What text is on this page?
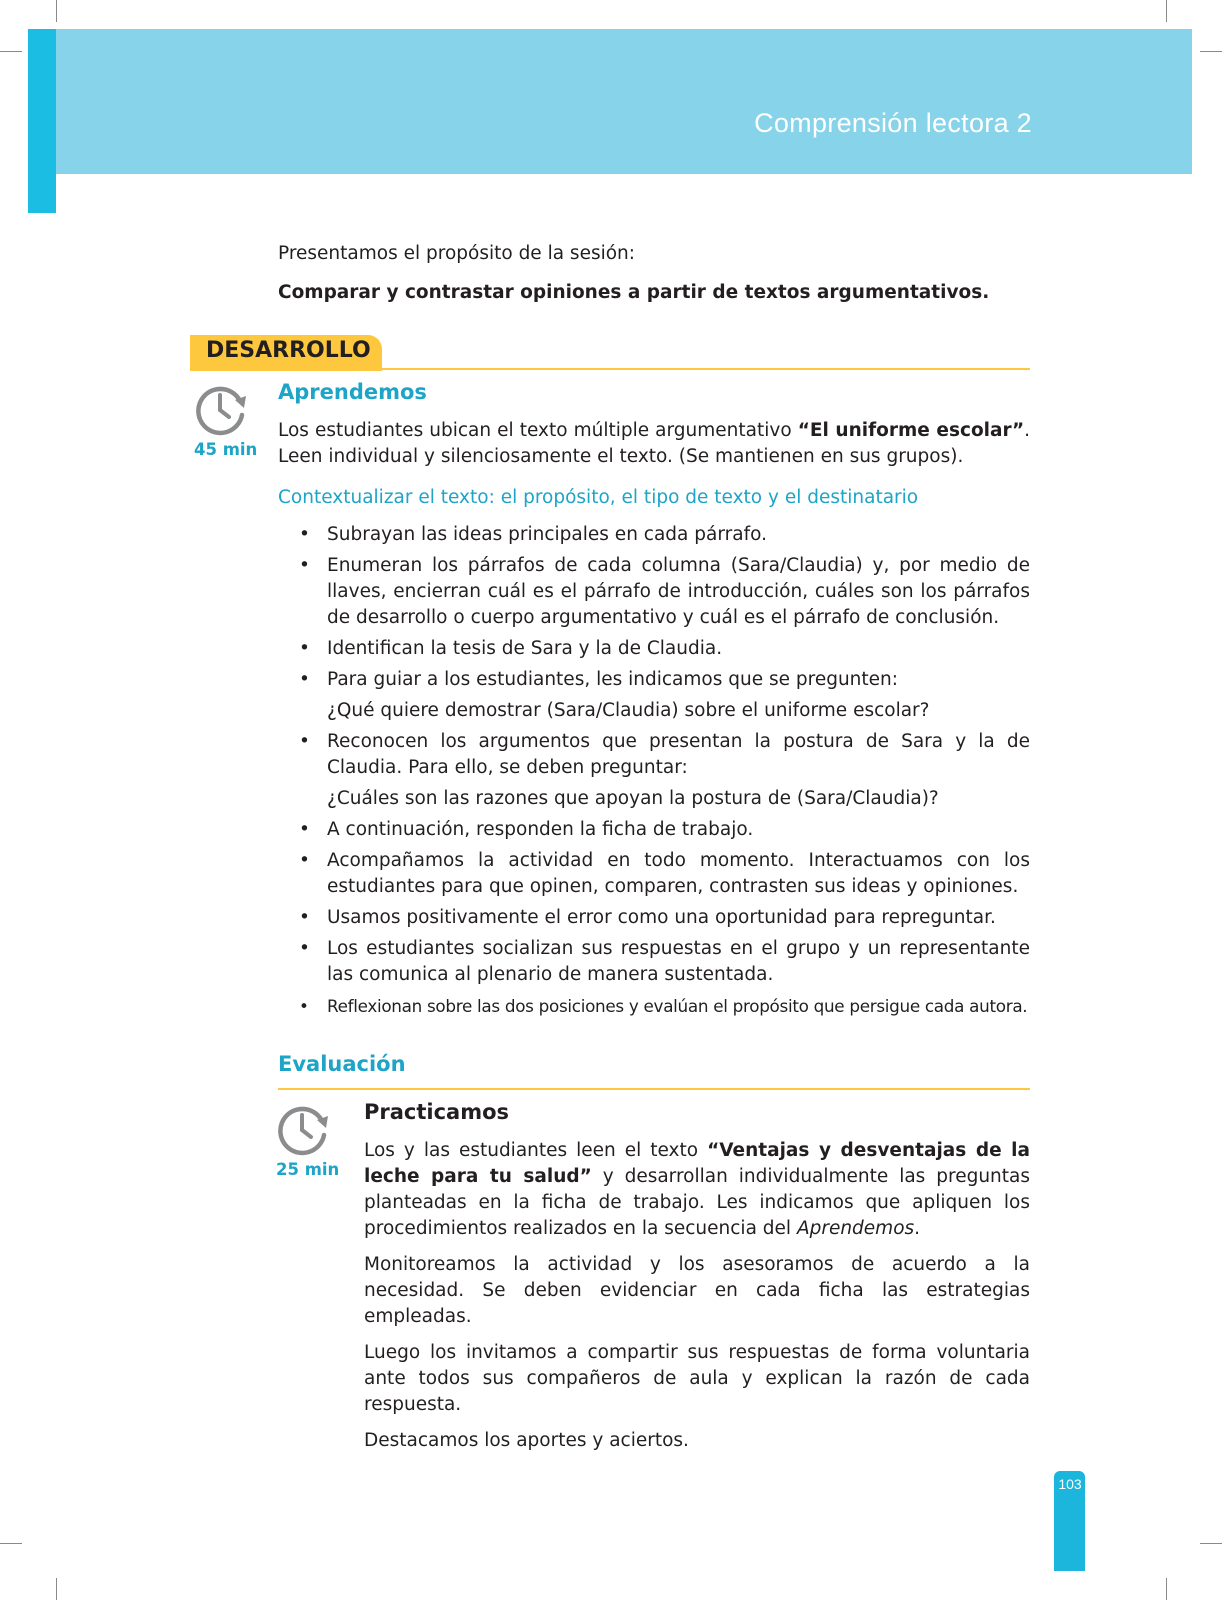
Comprensión lectora 2

Presentamos el propósito de la sesión:

Comparar y contrastar opiniones a partir de textos argumentativos.

DESARROLLO
45 min
Aprendemos
Los estudiantes ubican el texto múltiple argumentativo “El uniforme escolar”. Leen individual y silenciosamente el texto. (Se mantienen en sus grupos).
Contextualizar el texto: el propósito, el tipo de texto y el destinatario
• Subrayan las ideas principales en cada párrafo.
• Enumeran los párrafos de cada columna (Sara/Claudia) y, por medio de llaves, encierran cuál es el párrafo de introducción, cuáles son los párrafos de desarrollo o cuerpo argumentativo y cuál es el párrafo de conclusión.
• Identifican la tesis de Sara y la de Claudia.
• Para guiar a los estudiantes, les indicamos que se pregunten:
¿Qué quiere demostrar (Sara/Claudia) sobre el uniforme escolar?
• Reconocen los argumentos que presentan la postura de Sara y la de Claudia. Para ello, se deben preguntar:
¿Cuáles son las razones que apoyan la postura de (Sara/Claudia)?
• A continuación, responden la ficha de trabajo.
• Acompañamos la actividad en todo momento. Interactuamos con los estudiantes para que opinen, comparen, contrasten sus ideas y opiniones.
• Usamos positivamente el error como una oportunidad para repreguntar.
• Los estudiantes socializan sus respuestas en el grupo y un representante las comunica al plenario de manera sustentada.
• Reflexionan sobre las dos posiciones y evalúan el propósito que persigue cada autora.
Evaluación
25 min
Practicamos

Los y las estudiantes leen el texto “Ventajas y desventajas de la leche para tu salud” y desarrollan individualmente las preguntas planteadas en la ficha de trabajo. Les indicamos que apliquen los procedimientos realizados en la secuencia del Aprendemos.

Monitoreamos la actividad y los asesoramos de acuerdo a la necesidad. Se deben evidenciar en cada ficha las estrategias empleadas.

Luego los invitamos a compartir sus respuestas de forma voluntaria ante todos sus compañeros de aula y explican la razón de cada respuesta.

Destacamos los aportes y aciertos.

103
